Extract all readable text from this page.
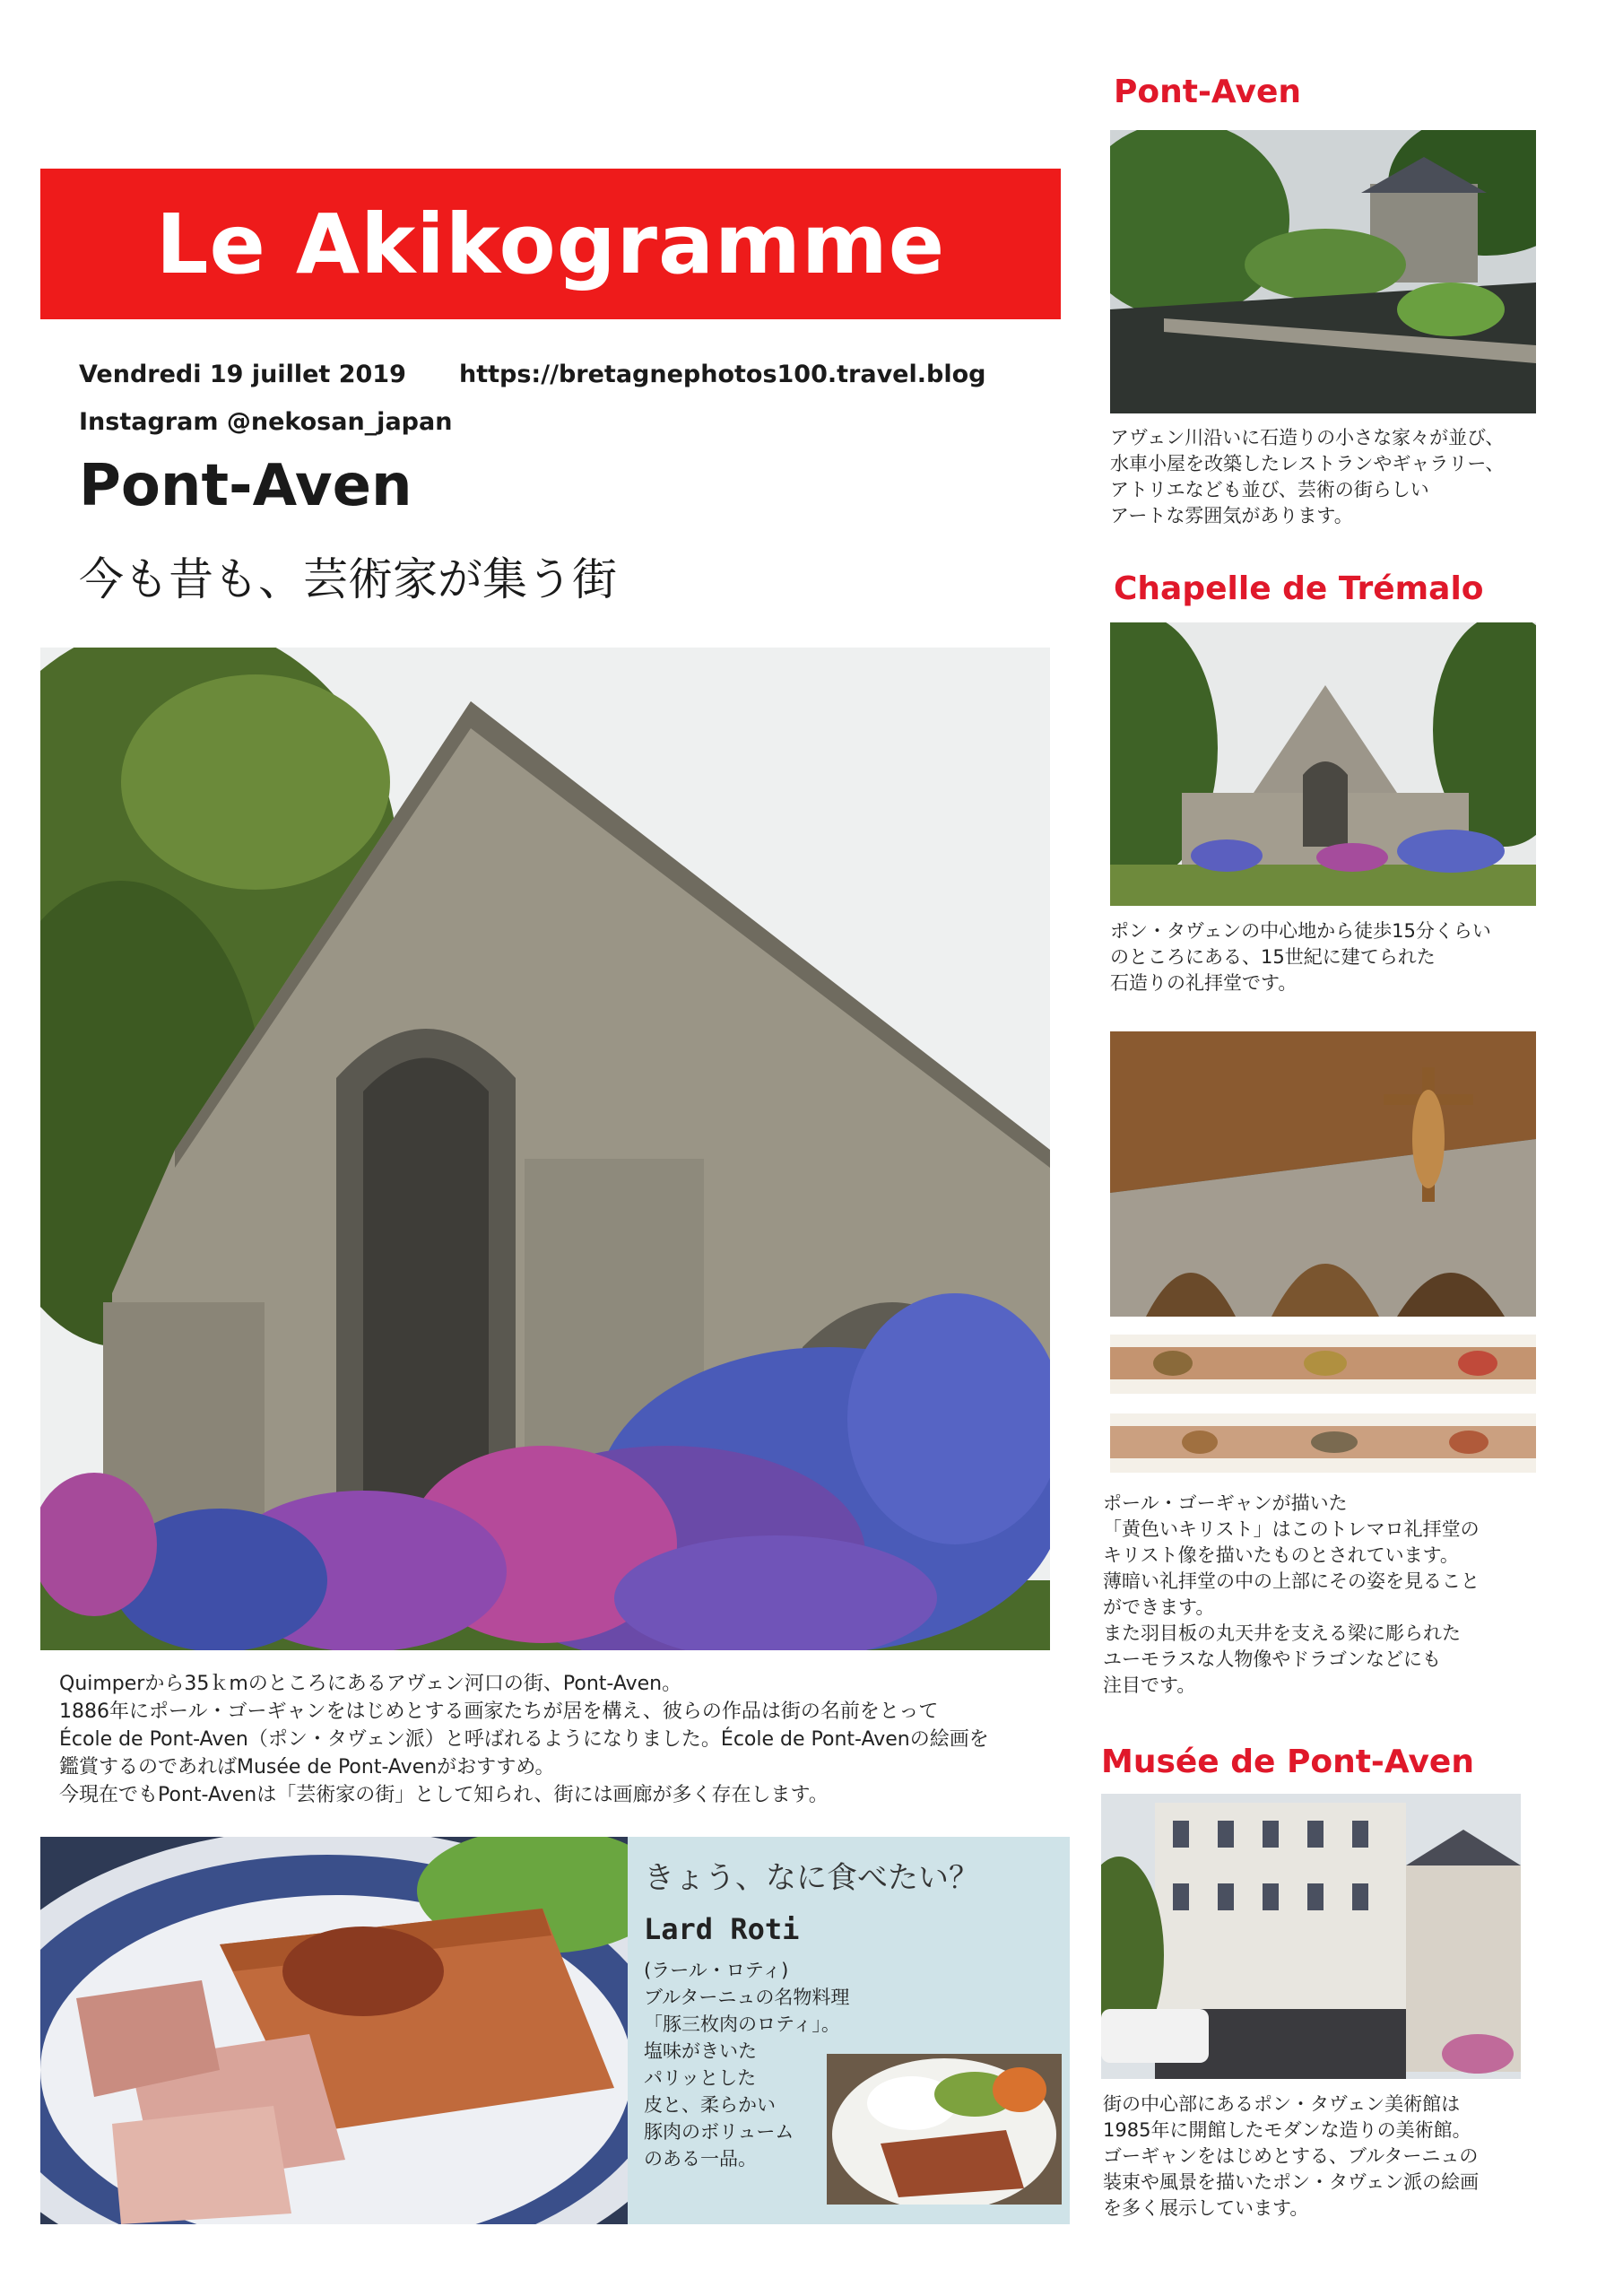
Le Akikogramme
Vendredi 19 juillet 2019 https://bretagnephotos100.travel.blog
Instagram @nekosan_japan
Pont-Aven
今も昔も、芸術家が集う街
Quimperから35ｋmのところにあるアヴェン河口の街、Pont-Aven。
1886年にポール・ゴーギャンをはじめとする画家たちが居を構え、彼らの作品は街の名前をとって
École de Pont-Aven（ポン・タヴェン派）と呼ばれるようになりました。École de Pont-Avenの絵画を
鑑賞するのであればMusée de Pont-Avenがおすすめ。
今現在でもPont-Avenは「芸術家の街」として知られ、街には画廊が多く存在します。
きょう、なに食べたい？
Lard Roti
(ラール・ロティ)
ブルターニュの名物料理
「豚三枚肉のロティ」。
塩味がきいた
パリッとした
皮と、柔らかい
豚肉のボリューム
のある一品。
Pont-Aven
アヴェン川沿いに石造りの小さな家々が並び、
水車小屋を改築したレストランやギャラリー、
アトリエなども並び、芸術の街らしい
アートな雰囲気があります。
Chapelle de Trémalo
ポン・タヴェンの中心地から徒歩15分くらい
のところにある、15世紀に建てられた
石造りの礼拝堂です。
ポール・ゴーギャンが描いた
「黄色いキリスト」はこのトレマロ礼拝堂の
キリスト像を描いたものとされています。
薄暗い礼拝堂の中の上部にその姿を見ること
ができます。
また羽目板の丸天井を支える梁に彫られた
ユーモラスな人物像やドラゴンなどにも
注目です。
Musée de Pont-Aven
街の中心部にあるポン・タヴェン美術館は
1985年に開館したモダンな造りの美術館。
ゴーギャンをはじめとする、ブルターニュの
装束や風景を描いたポン・タヴェン派の絵画
を多く展示しています。
